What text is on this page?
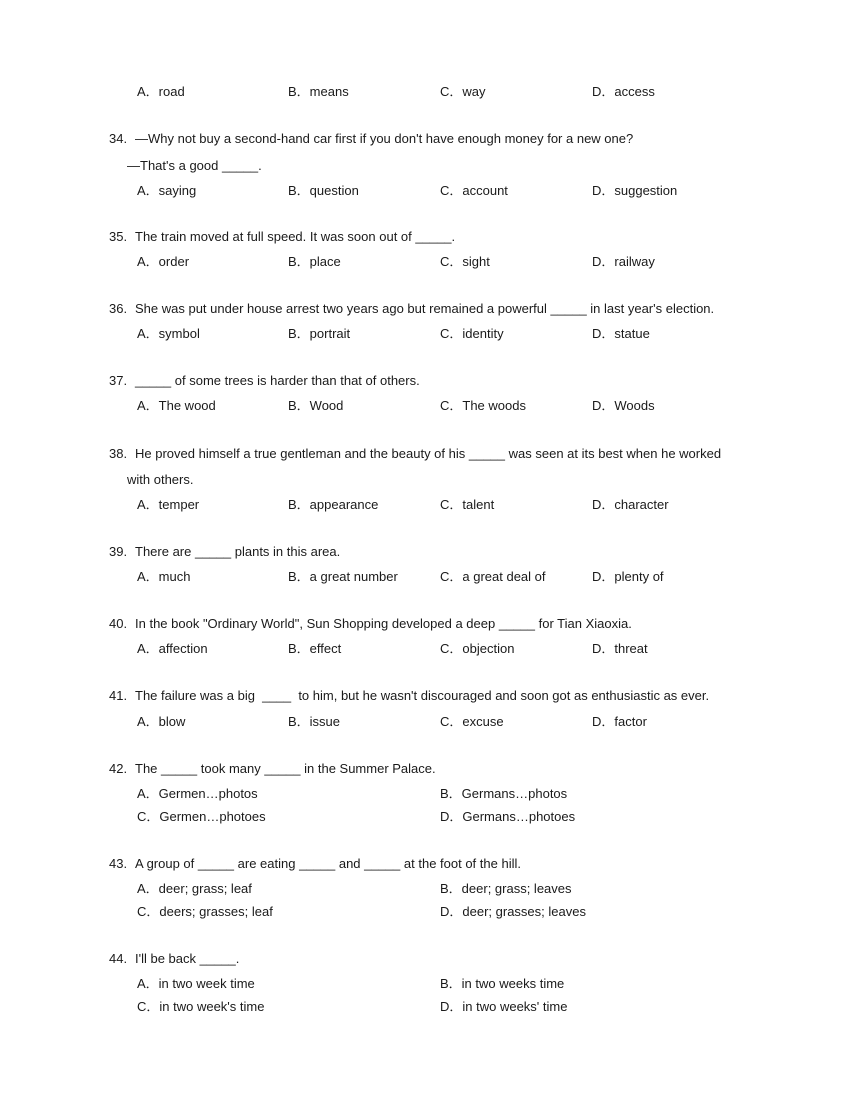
A．road	B．means	C．way	D．access
34. —Why not buy a second-hand car first if you don't have enough money for a new one?
—That's a good _____.
A．saying	B．question	C．account	D．suggestion
35. The train moved at full speed. It was soon out of _____.
A．order	B．place	C．sight	D．railway
36. She was put under house arrest two years ago but remained a powerful _____ in last year's election.
A．symbol	B．portrait	C．identity	D．statue
37. _____ of some trees is harder than that of others.
A．The wood	B．Wood	C．The woods	D．Woods
38. He proved himself a true gentleman and the beauty of his _____ was seen at its best when he worked
with others.
A．temper	B．appearance	C．talent	D．character
39. There are _____ plants in this area.
A．much	B．a great number	C．a great deal of	D．plenty of
40. In the book "Ordinary World", Sun Shopping developed a deep _____ for Tian Xiaoxia.
A．affection	B．effect	C．objection	D．threat
41. The failure was a big  ____  to him, but he wasn't discouraged and soon got as enthusiastic as ever.
A．blow	B．issue	C．excuse	D．factor
42. The _____ took many _____ in the Summer Palace.
A．Germen…photos	B．Germans…photos
C．Germen…photoes	D．Germans…photoes
43. A group of _____ are eating _____ and _____ at the foot of the hill.
A．deer; grass; leaf	B．deer; grass; leaves
C．deers; grasses; leaf	D．deer; grasses; leaves
44. I'll be back _____.
A．in two week time	B．in two weeks time
C．in two week's time	D．in two weeks' time
